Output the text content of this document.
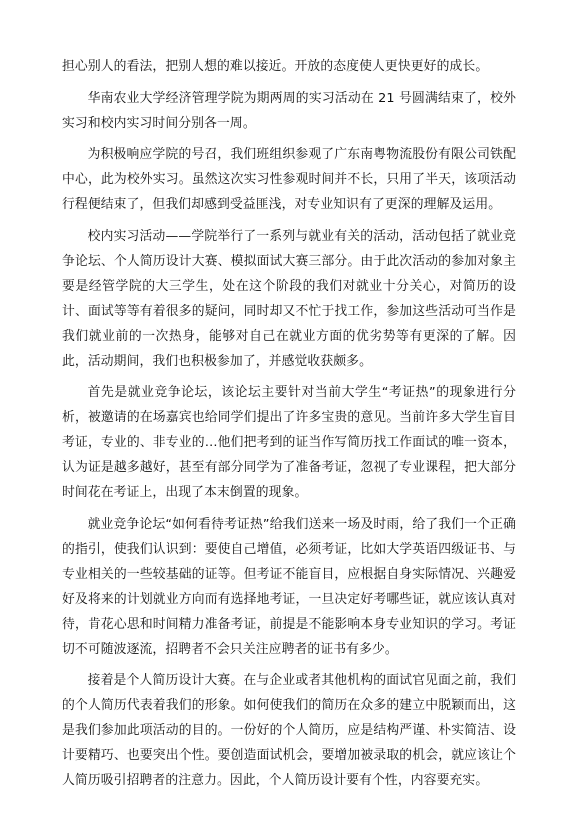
担心别人的看法，把别人想的难以接近。开放的态度使人更快更好的成长。

华南农业大学经济管理学院为期两周的实习活动在 21 号圆满结束了，校外实习和校内实习时间分别各一周。

为积极响应学院的号召，我们班组织参观了广东南粤物流股份有限公司铁配中心，此为校外实习。虽然这次实习性参观时间并不长，只用了半天，该项活动行程便结束了，但我们却感到受益匪浅，对专业知识有了更深的理解及运用。

校内实习活动——学院举行了一系列与就业有关的活动，活动包括了就业竞争论坛、个人简历设计大赛、模拟面试大赛三部分。由于此次活动的参加对象主要是经管学院的大三学生，处在这个阶段的我们对就业十分关心，对简历的设计、面试等等有着很多的疑问，同时却又不忙于找工作，参加这些活动可当作是我们就业前的一次热身，能够对自己在就业方面的优劣势等有更深的了解。因此，活动期间，我们也积极参加了，并感觉收获颇多。

首先是就业竞争论坛，该论坛主要针对当前大学生“考证热”的现象进行分析，被邀请的在场嘉宾也给同学们提出了许多宝贵的意见。当前许多大学生盲目考证，专业的、非专业的…他们把考到的证当作写简历找工作面试的唯一资本，认为证是越多越好，甚至有部分同学为了准备考证，忽视了专业课程，把大部分时间花在考证上，出现了本末倒置的现象。

就业竞争论坛“如何看待考证热”给我们送来一场及时雨，给了我们一个正确的指引，使我们认识到：要使自己增值，必须考证，比如大学英语四级证书、与专业相关的一些较基础的证等。但考证不能盲目，应根据自身实际情况、兴趣爱好及将来的计划就业方向而有选择地考证，一旦决定好考哪些证，就应该认真对待，肯花心思和时间精力准备考证，前提是不能影响本身专业知识的学习。考证切不可随波逐流，招聘者不会只关注应聘者的证书有多少。

接着是个人简历设计大赛。在与企业或者其他机构的面试官见面之前，我们的个人简历代表着我们的形象。如何使我们的简历在众多的建立中脱颖而出，这是我们参加此项活动的目的。一份好的个人简历，应是结构严谨、朴实简洁、设计要精巧、也要突出个性。要创造面试机会，要增加被录取的机会，就应该让个人简历吸引招聘者的注意力。因此，个人简历设计要有个性，内容要充实。
